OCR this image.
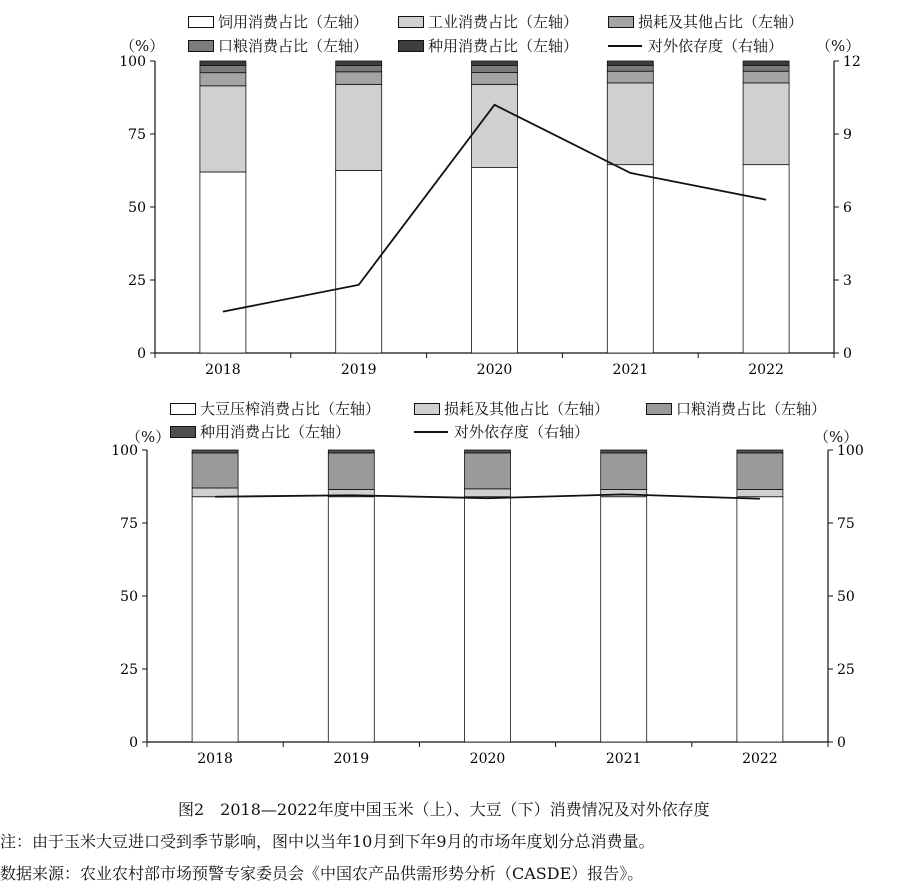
饲用消费占比（左轴）	工业消费占比（左轴）	损耗及其他占比（左轴）
口粮消费占比（左轴）	种用消费占比（左轴）	对外依存度（右轴）
（%）	（%）
大豆压榨消费占比（左轴）	损耗及其他占比（左轴）	口粮消费占比（左轴）
种用消费占比（左轴）	对外依存度（右轴）
（%）	（%）
0
25
50
75
100
0
3
6
9
12
2018	2019	2020	2021	2022
0
25
50
75
100
0
25
50
75
100
2018	2019	2020	2021	2022
图2　2018—2022年度中国玉米（上）、大豆（下）消费情况及对外依存度
注：由于玉米大豆进口受到季节影响，图中以当年10月到下年9月的市场年度划分总消费量。
数据来源：农业农村部市场预警专家委员会《中国农产品供需形势分析（CASDE）报告》。
